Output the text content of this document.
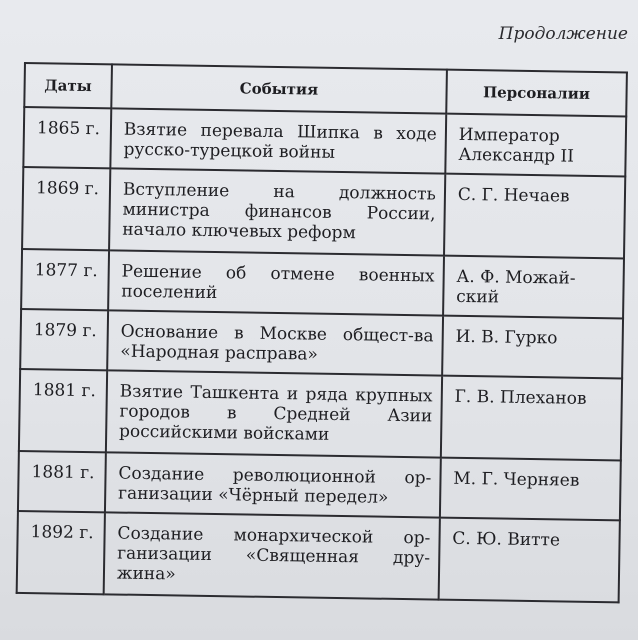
Продолжение
Даты	События	Персоналии
1865 г.	Взятие перевала Шипка в ходе русско-турецкой войны	Император Александр II
1869 г.	Вступление на должность министра финансов России, начало ключевых реформ	С. Г. Нечаев
1877 г.	Решение об отмене военных поселений	А. Ф. Можай-ский
1879 г.	Основание в Москве общест-ва «Народная расправа»	И. В. Гурко
1881 г.	Взятие Ташкента и ряда крупных городов в Средней Азии российскими войсками	Г. В. Плеханов
1881 г.	Создание революционной ор-ганизации «Чёрный передел»	М. Г. Черняев
1892 г.	Создание монархической ор-ганизации «Священная дру-жина»	С. Ю. Витте
